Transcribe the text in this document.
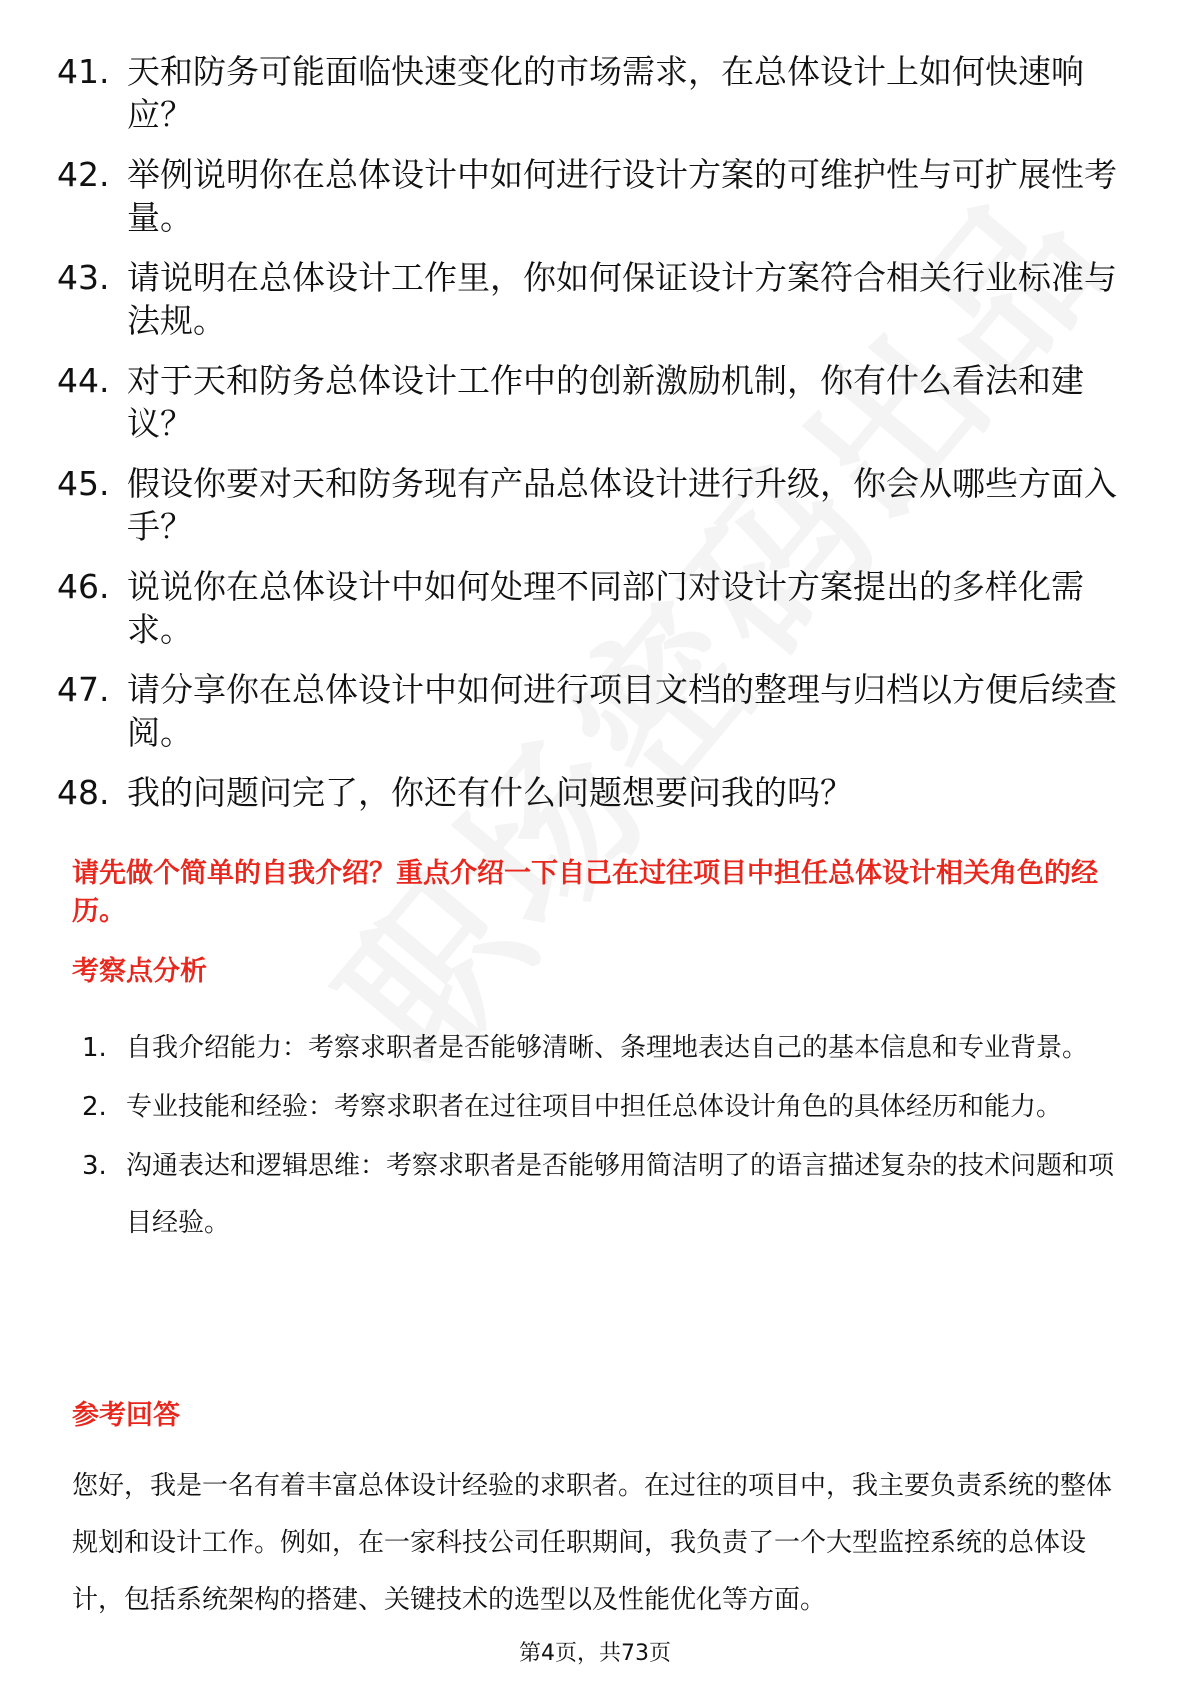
41. 天和防务可能面临快速变化的市场需求，在总体设计上如何快速响应？
42. 举例说明你在总体设计中如何进行设计方案的可维护性与可扩展性考量。
43. 请说明在总体设计工作里，你如何保证设计方案符合相关行业标准与法规。
44. 对于天和防务总体设计工作中的创新激励机制，你有什么看法和建议？
45. 假设你要对天和防务现有产品总体设计进行升级，你会从哪些方面入手？
46. 说说你在总体设计中如何处理不同部门对设计方案提出的多样化需求。
47. 请分享你在总体设计中如何进行项目文档的整理与归档以方便后续查阅。
48. 我的问题问完了，你还有什么问题想要问我的吗？
请先做个简单的自我介绍？重点介绍一下自己在过往项目中担任总体设计相关角色的经历。
考察点分析
1. 自我介绍能力：考察求职者是否能够清晰、条理地表达自己的基本信息和专业背景。
2. 专业技能和经验：考察求职者在过往项目中担任总体设计角色的具体经历和能力。
3. 沟通表达和逻辑思维：考察求职者是否能够用简洁明了的语言描述复杂的技术问题和项目经验。
参考回答

您好，我是一名有着丰富总体设计经验的求职者。在过往的项目中，我主要负责系统的整体规划和设计工作。例如，在一家科技公司任职期间，我负责了一个大型监控系统的总体设计，包括系统架构的搭建、关键技术的选型以及性能优化等方面。

第4页，共73页
